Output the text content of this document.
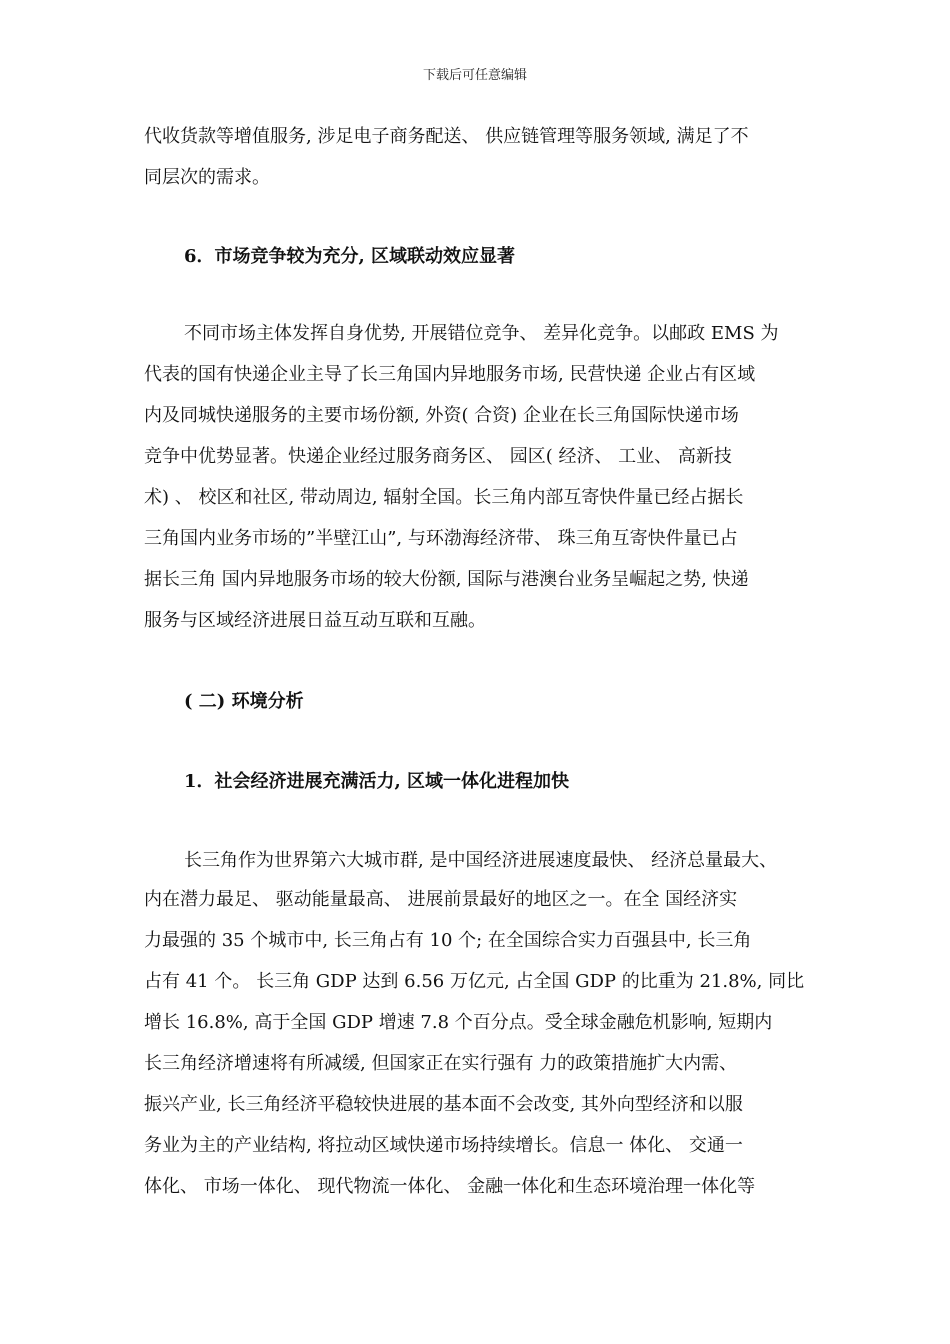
下载后可任意编辑
代收货款等增值服务, 涉足电子商务配送、 供应链管理等服务领域, 满足了不
同层次的需求。
6．市场竞争较为充分, 区域联动效应显著
不同市场主体发挥自身优势, 开展错位竞争、 差异化竞争。以邮政 EMS 为
代表的国有快递企业主导了长三角国内异地服务市场, 民营快递 企业占有区域
内及同城快递服务的主要市场份额, 外资( 合资) 企业在长三角国际快递市场
竞争中优势显著。快递企业经过服务商务区、 园区( 经济、 工业、 高新技
术) 、 校区和社区, 带动周边, 辐射全国。长三角内部互寄快件量已经占据长
三角国内业务市场的”半壁江山”, 与环渤海经济带、 珠三角互寄快件量已占
据长三角 国内异地服务市场的较大份额, 国际与港澳台业务呈崛起之势, 快递
服务与区域经济进展日益互动互联和互融。
( 二) 环境分析
1．社会经济进展充满活力, 区域一体化进程加快
长三角作为世界第六大城市群, 是中国经济进展速度最快、 经济总量最大、
内在潜力最足、 驱动能量最高、 进展前景最好的地区之一。在全 国经济实
力最强的 35 个城市中, 长三角占有 10 个; 在全国综合实力百强县中, 长三角
占有 41 个。 长三角 GDP 达到 6.56 万亿元, 占全国 GDP 的比重为 21.8%, 同比
增长 16.8%, 高于全国 GDP 增速 7.8 个百分点。受全球金融危机影响, 短期内
长三角经济增速将有所减缓, 但国家正在实行强有 力的政策措施扩大内需、
振兴产业, 长三角经济平稳较快进展的基本面不会改变, 其外向型经济和以服
务业为主的产业结构, 将拉动区域快递市场持续增长。信息一 体化、 交通一
体化、 市场一体化、 现代物流一体化、 金融一体化和生态环境治理一体化等
